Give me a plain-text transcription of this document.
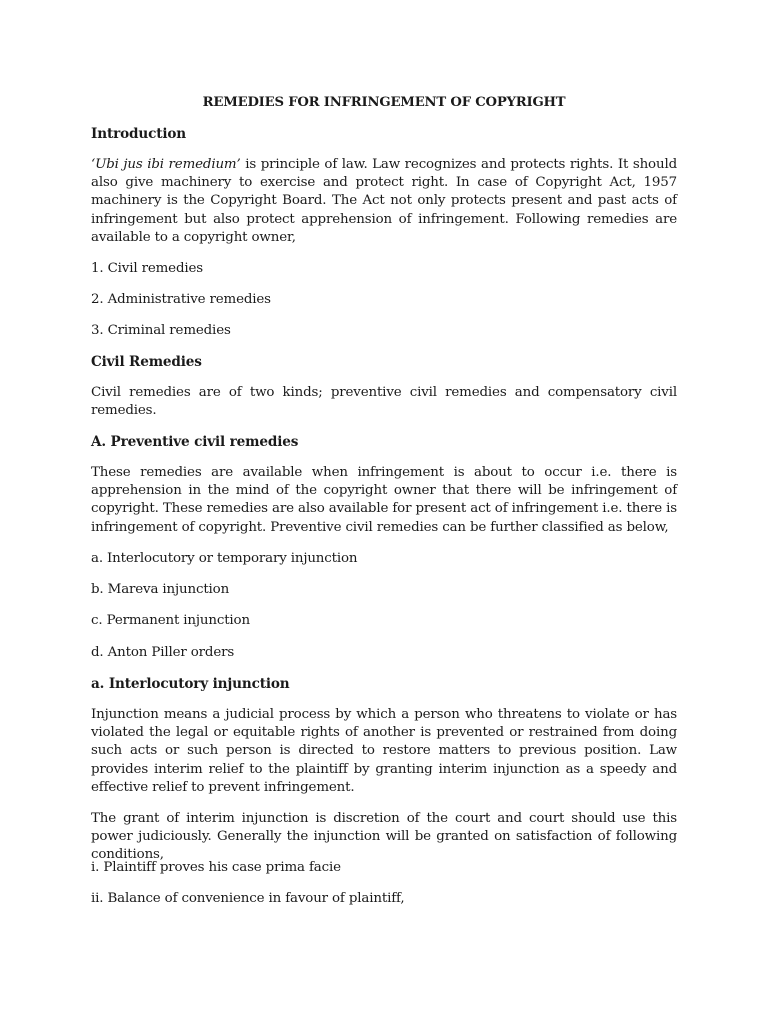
REMEDIES FOR INFRINGEMENT OF COPYRIGHT
Introduction
‘Ubi jus ibi remedium’ is principle of law. Law recognizes and protects rights. It should also give machinery to exercise and protect right. In case of Copyright Act, 1957 machinery is the Copyright Board. The Act not only protects present and past acts of infringement but also protect apprehension of infringement. Following remedies are available to a copyright owner,
1. Civil remedies
2. Administrative remedies
3. Criminal remedies
Civil Remedies
Civil remedies are of two kinds; preventive civil remedies and compensatory civil remedies.
A. Preventive civil remedies
These remedies are available when infringement is about to occur i.e. there is apprehension in the mind of the copyright owner that there will be infringement of copyright. These remedies are also available for present act of infringement i.e. there is infringement of copyright. Preventive civil remedies can be further classified as below,
a. Interlocutory or temporary injunction
b. Mareva injunction
c. Permanent injunction
d. Anton Piller orders
a. Interlocutory injunction
Injunction means a judicial process by which a person who threatens to violate or has violated the legal or equitable rights of another is prevented or restrained from doing such acts or such person is directed to restore matters to previous position. Law provides interim relief to the plaintiff by granting interim injunction as a speedy and effective relief to prevent infringement.
The grant of interim injunction is discretion of the court and court should use this power judiciously. Generally the injunction will be granted on satisfaction of following conditions,
i. Plaintiff proves his case prima facie
ii. Balance of convenience in favour of plaintiff,
